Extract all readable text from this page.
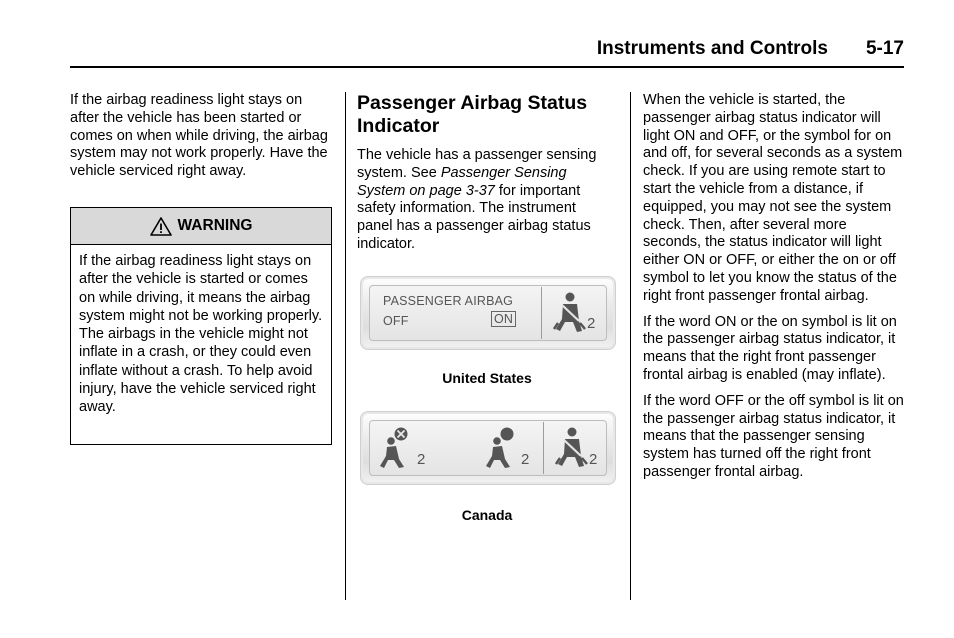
Instruments and Controls 5-17

If the airbag readiness light stays on after the vehicle has been started or comes on when while driving, the airbag system may not work properly. Have the vehicle serviced right away.

WARNING

If the airbag readiness light stays on after the vehicle is started or comes on while driving, it means the airbag system might not be working properly. The airbags in the vehicle might not inflate in a crash, or they could even inflate without a crash. To help avoid injury, have the vehicle serviced right away.

Passenger Airbag Status Indicator

The vehicle has a passenger sensing system. See Passenger Sensing System on page 3-37 for important safety information. The instrument panel has a passenger airbag status indicator.

PASSENGER AIRBAG
OFF	ON	2
United States
2	2	2
Canada

When the vehicle is started, the passenger airbag status indicator will light ON and OFF, or the symbol for on and off, for several seconds as a system check. If you are using remote start to start the vehicle from a distance, if equipped, you may not see the system check. Then, after several more seconds, the status indicator will light either ON or OFF, or either the on or off symbol to let you know the status of the right front passenger frontal airbag.

If the word ON or the on symbol is lit on the passenger airbag status indicator, it means that the right front passenger frontal airbag is enabled (may inflate).

If the word OFF or the off symbol is lit on the passenger airbag status indicator, it means that the passenger sensing system has turned off the right front passenger frontal airbag.
